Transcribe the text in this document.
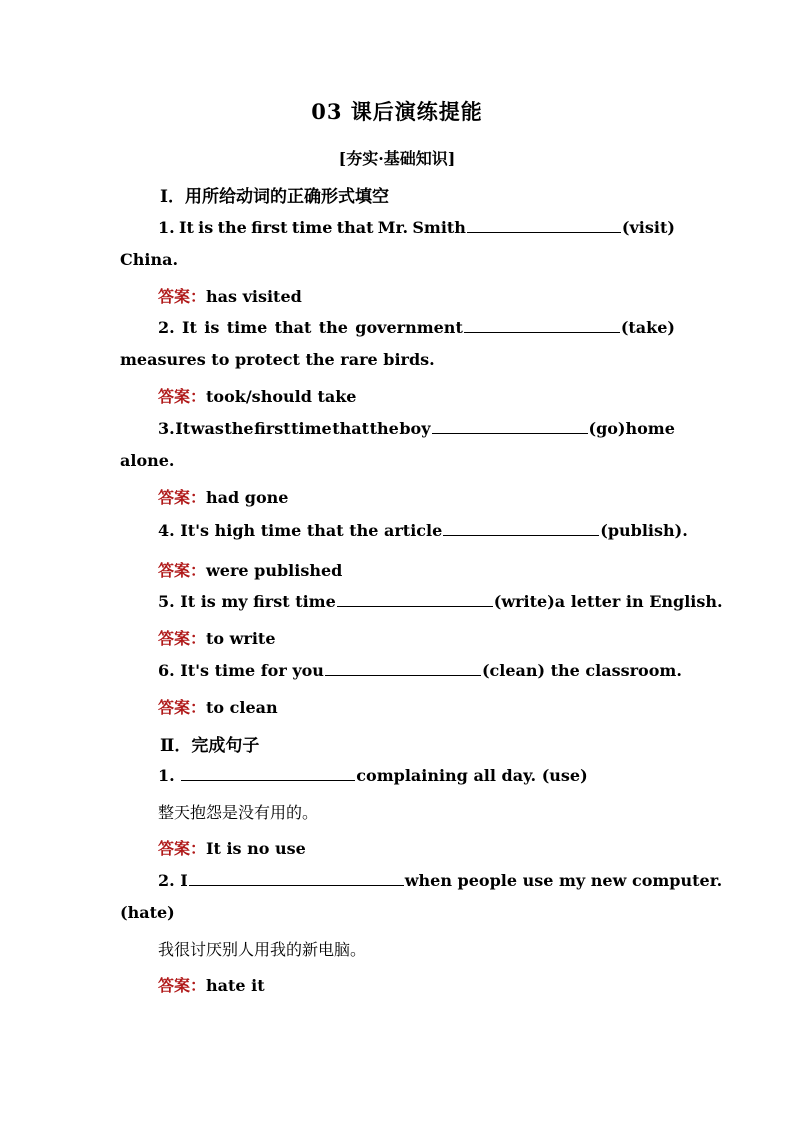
03 课后演练提能
[夯实·基础知识]
Ⅰ．用所给动词的正确形式填空
1. It is the first time that Mr. Smith	(visit)
China.
答案：has visited
2. It is time that the government	(take)
measures to protect the rare birds.
答案：took/should take
3. It was the first time that the boy	(go)home
alone.
答案：had gone
4. It's high time that the article	(publish).
答案：were published
5. It is my first time	(write)a letter in English.
答案：to write
6. It's time for you	(clean) the classroom.
答案：to clean
Ⅱ．完成句子
1.	complaining all day. (use)
整天抱怨是没有用的。
答案：It is no use
2. I	when people use my new computer.
(hate)
我很讨厌别人用我的新电脑。
答案：hate it
